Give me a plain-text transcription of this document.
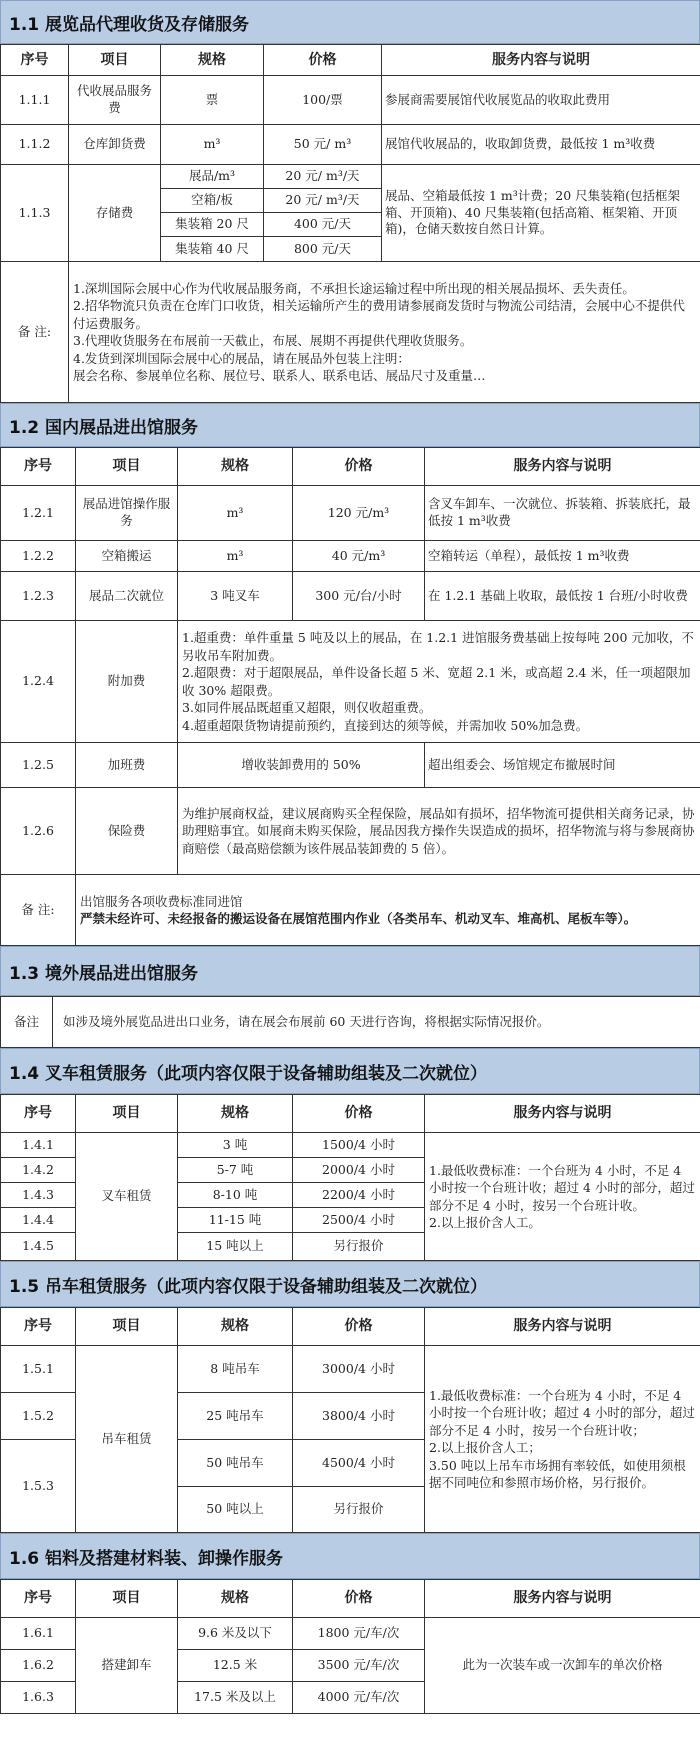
1.1 展览品代理收货及存储服务
序号	项目	规格	价格	服务内容与说明
1.1.1	代收展品服务费	票	100/票	参展商需要展馆代收展览品的收取此费用
1.1.2	仓库卸货费	m³	50 元/ m³	展馆代收展品的，收取卸货费，最低按 1 m³收费
1.1.3	存储费	展品/m³	20 元/ m³/天	展品、空箱最低按 1 m³计费；20 尺集装箱(包括框架箱、开顶箱)、40 尺集装箱(包括高箱、框架箱、开顶箱)，仓储天数按自然日计算。
		空箱/板	20 元/ m³/天	
		集装箱 20 尺	400 元/天	
		集装箱 40 尺	800 元/天	
备 注:	1.深圳国际会展中心作为代收展品服务商，不承担长途运输过程中所出现的相关展品损坏、丢失责任。
2.招华物流只负责在仓库门口收货，相关运输所产生的费用请参展商发货时与物流公司结清，会展中心不提供代付运费服务。
3.代理收货服务在布展前一天截止，布展、展期不再提供代理收货服务。
4.发货到深圳国际会展中心的展品，请在展品外包装上注明：
展会名称、参展单位名称、展位号、联系人、联系电话、展品尺寸及重量…			
1.2 国内展品进出馆服务
序号	项目	规格	价格	服务内容与说明
1.2.1	展品进馆操作服务	m³	120 元/m³	含叉车卸车、一次就位、拆装箱、拆装底托，最低按 1 m³收费
1.2.2	空箱搬运	m³	40 元/m³	空箱转运（单程），最低按 1 m³收费
1.2.3	展品二次就位	3 吨叉车	300 元/台/小时	在 1.2.1 基础上收取，最低按 1 台班/小时收费
1.2.4	附加费	1.超重费：单件重量 5 吨及以上的展品，在 1.2.1 进馆服务费基础上按每吨 200 元加收，不另收吊车附加费。
2.超限费：对于超限展品，单件设备长超 5 米、宽超 2.1 米，或高超 2.4 米，任一项超限加收 30% 超限费。
3.如同件展品既超重又超限，则仅收超重费。
4.超重超限货物请提前预约，直接到达的须等候，并需加收 50%加急费。		

1.2.5	加班费	增收装卸费用的 50%		超出组委会、场馆规定布撤展时间
1.2.6	保险费	为维护展商权益，建议展商购买全程保险，展品如有损坏，招华物流可提供相关商务记录，协助理赔事宜。如展商未购买保险，展品因我方操作失误造成的损坏，招华物流与将与参展商协商赔偿（最高赔偿额为该件展品装卸费的 5 倍）。		
备 注:	出馆服务各项收费标准同进馆
严禁未经许可、未经报备的搬运设备在展馆范围内作业（各类吊车、机动叉车、堆高机、尾板车等）。			
1.3 境外展品进出馆服务
备注	如涉及境外展览品进出口业务，请在展会布展前 60 天进行咨询，将根据实际情况报价。
1.4 叉车租赁服务（此项内容仅限于设备辅助组装及二次就位）
序号	项目	规格	价格	服务内容与说明
1.4.1	叉车租赁	3 吨	1500/4 小时	1.最低收费标准：一个台班为 4 小时，不足 4 小时按一个台班计收；超过 4 小时的部分，超过部分不足 4 小时，按另一个台班计收。
2.以上报价含人工。

1.4.2		5-7 吨	2000/4 小时	
1.4.3		8-10 吨	2200/4 小时	
1.4.4		11-15 吨	2500/4 小时	
1.4.5		15 吨以上	另行报价	
1.5 吊车租赁服务（此项内容仅限于设备辅助组装及二次就位）
序号	项目	规格	价格	服务内容与说明
1.5.1	吊车租赁	8 吨吊车	3000/4 小时	1.最低收费标准：一个台班为 4 小时，不足 4 小时按一个台班计收；超过 4 小时的部分，超过部分不足 4 小时，按另一个台班计收；
2.以上报价含人工；
3.50 吨以上吊车市场拥有率较低，如使用须根据不同吨位和参照市场价格，另行报价。

1.5.2		25 吨吊车	3800/4 小时	
1.5.3		50 吨吊车	4500/4 小时	
		50 吨以上	另行报价	
1.6 铝料及搭建材料装、卸操作服务
序号	项目	规格	价格	服务内容与说明
1.6.1	搭建卸车	9.6 米及以下	1800 元/车/次	此为一次装车或一次卸车的单次价格
1.6.2		12.5 米	3500 元/车/次	
1.6.3		17.5 米及以上	4000 元/车/次	
